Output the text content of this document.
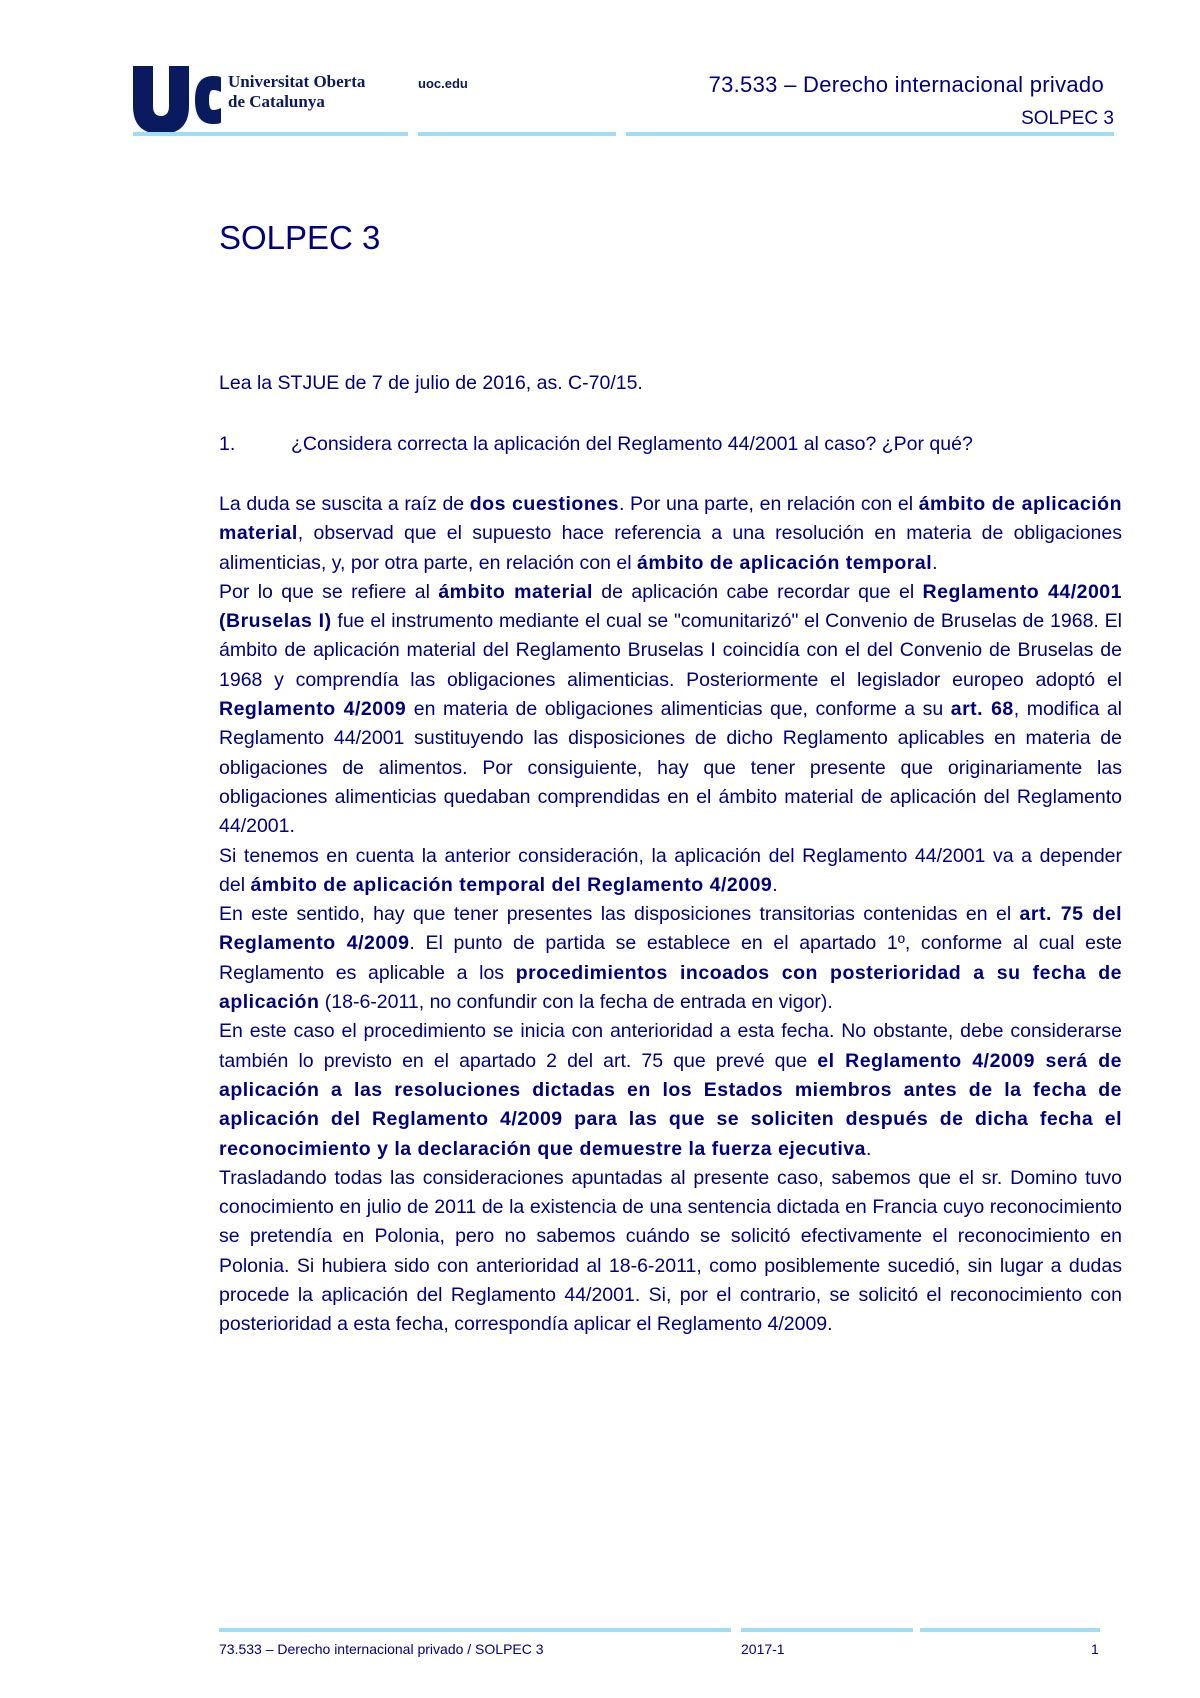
Universitat Oberta
de Catalunya
uoc.edu	73.533 – Derecho internacional privado
SOLPEC 3
SOLPEC 3

Lea la STJUE de 7 de julio de 2016, as. C-70/15.

1.	¿Considera correcta la aplicación del Reglamento 44/2001 al caso? ¿Por qué?

La duda se suscita a raíz de dos cuestiones. Por una parte, en relación con el ámbito de aplicación material, observad que el supuesto hace referencia a una resolución en materia de obligaciones alimenticias, y, por otra parte, en relación con el ámbito de aplicación temporal.

Por lo que se refiere al ámbito material de aplicación cabe recordar que el Reglamento 44/2001 (Bruselas I) fue el instrumento mediante el cual se "comunitarizó" el Convenio de Bruselas de 1968. El ámbito de aplicación material del Reglamento Bruselas I coincidía con el del Convenio de Bruselas de 1968 y comprendía las obligaciones alimenticias. Posteriormente el legislador europeo adoptó el Reglamento 4/2009 en materia de obligaciones alimenticias que, conforme a su art. 68, modifica al Reglamento 44/2001 sustituyendo las disposiciones de dicho Reglamento aplicables en materia de obligaciones de alimentos. Por consiguiente, hay que tener presente que originariamente las obligaciones alimenticias quedaban comprendidas en el ámbito material de aplicación del Reglamento 44/2001.

Si tenemos en cuenta la anterior consideración, la aplicación del Reglamento 44/2001 va a depender del ámbito de aplicación temporal del Reglamento 4/2009.

En este sentido, hay que tener presentes las disposiciones transitorias contenidas en el art. 75 del Reglamento 4/2009. El punto de partida se establece en el apartado 1º, conforme al cual este Reglamento es aplicable a los procedimientos incoados con posterioridad a su fecha de aplicación (18-6-2011, no confundir con la fecha de entrada en vigor).

En este caso el procedimiento se inicia con anterioridad a esta fecha. No obstante, debe considerarse también lo previsto en el apartado 2 del art. 75 que prevé que el Reglamento 4/2009 será de aplicación a las resoluciones dictadas en los Estados miembros antes de la fecha de aplicación del Reglamento 4/2009 para las que se soliciten después de dicha fecha el reconocimiento y la declaración que demuestre la fuerza ejecutiva.

Trasladando todas las consideraciones apuntadas al presente caso, sabemos que el sr. Domino tuvo conocimiento en julio de 2011 de la existencia de una sentencia dictada en Francia cuyo reconocimiento se pretendía en Polonia, pero no sabemos cuándo se solicitó efectivamente el reconocimiento en Polonia. Si hubiera sido con anterioridad al 18-6-2011, como posiblemente sucedió, sin lugar a dudas procede la aplicación del Reglamento 44/2001. Si, por el contrario, se solicitó el reconocimiento con posterioridad a esta fecha, correspondía aplicar el Reglamento 4/2009.

73.533 – Derecho internacional privado / SOLPEC 3	2017-1	1
